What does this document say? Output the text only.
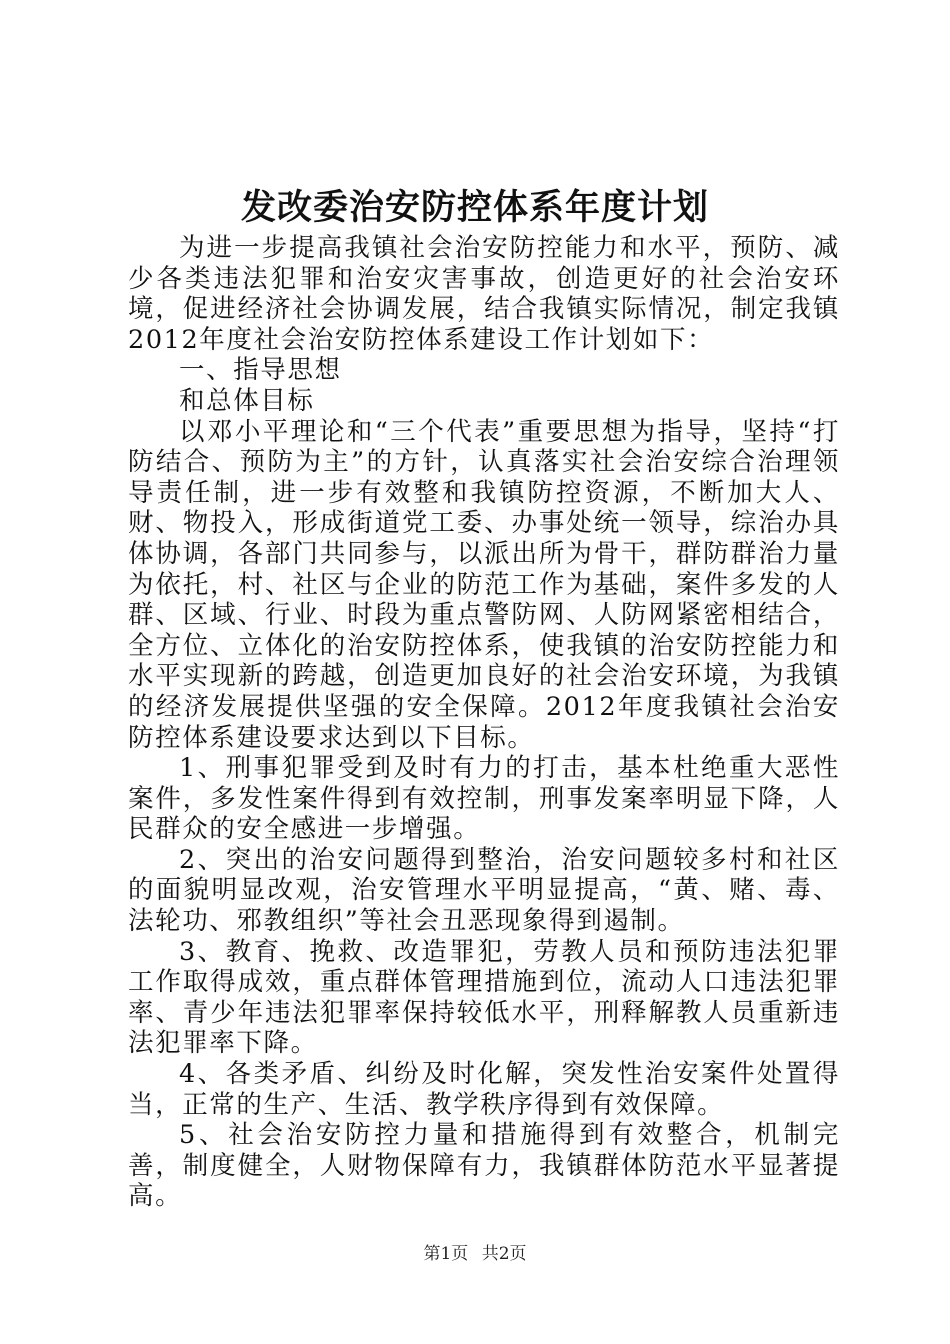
发改委治安防控体系年度计划

为进一步提高我镇社会治安防控能力和水平，预防、减少各类违法犯罪和治安灾害事故，创造更好的社会治安环境，促进经济社会协调发展，结合我镇实际情况，制定我镇2012年度社会治安防控体系建设工作计划如下：

一、指导思想

和总体目标

以邓小平理论和“三个代表”重要思想为指导，坚持“打防结合、预防为主”的方针，认真落实社会治安综合治理领导责任制，进一步有效整和我镇防控资源，不断加大人、财、物投入，形成街道党工委、办事处统一领导，综治办具体协调，各部门共同参与，以派出所为骨干，群防群治力量为依托，村、社区与企业的防范工作为基础，案件多发的人群、区域、行业、时段为重点警防网、人防网紧密相结合，全方位、立体化的治安防控体系，使我镇的治安防控能力和水平实现新的跨越，创造更加良好的社会治安环境，为我镇的经济发展提供坚强的安全保障。2012年度我镇社会治安防控体系建设要求达到以下目标。

1、刑事犯罪受到及时有力的打击，基本杜绝重大恶性案件，多发性案件得到有效控制，刑事发案率明显下降，人民群众的安全感进一步增强。

2、突出的治安问题得到整治，治安问题较多村和社区的面貌明显改观，治安管理水平明显提高，“黄、赌、毒、法轮功、邪教组织”等社会丑恶现象得到遏制。

3、教育、挽救、改造罪犯，劳教人员和预防违法犯罪工作取得成效，重点群体管理措施到位，流动人口违法犯罪率、青少年违法犯罪率保持较低水平，刑释解教人员重新违法犯罪率下降。

4、各类矛盾、纠纷及时化解，突发性治安案件处置得当，正常的生产、生活、教学秩序得到有效保障。

5、社会治安防控力量和措施得到有效整合，机制完善，制度健全，人财物保障有力，我镇群体防范水平显著提高。

第1页 共2页
